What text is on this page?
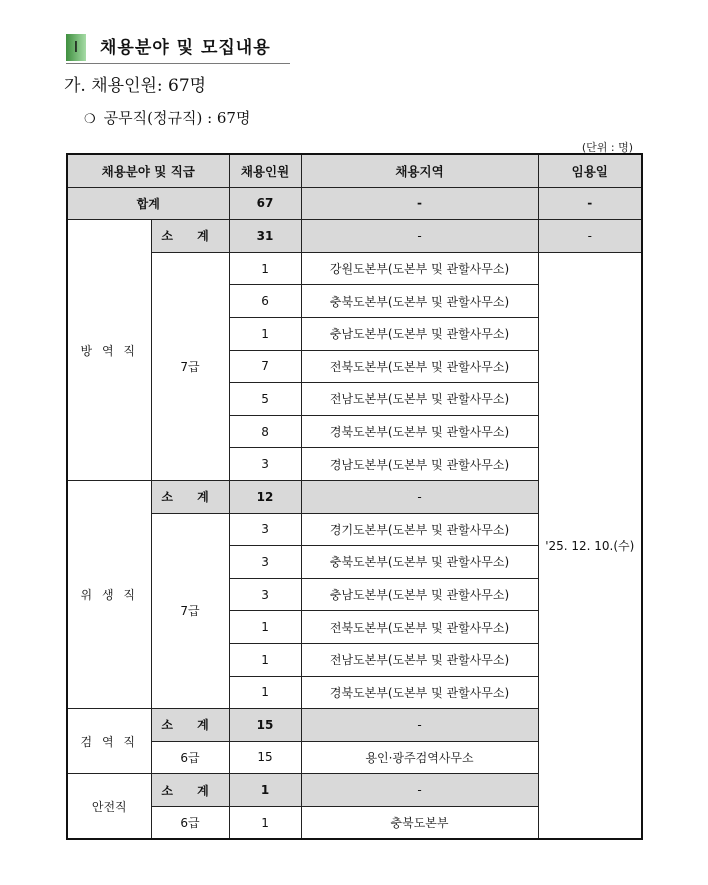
Ⅰ	채용분야 및 모집내용
가. 채용인원: 67명
❍ 공무직(정규직) : 67명
(단위 : 명)
채용분야 및 직급		채용인원	채용지역	임용일
합계		67	-	-
방 역 직	소 계	31	-	-
	7급	1	강원도본부(도본부 및 관할사무소)	'25. 12. 10.(수)
		6	충북도본부(도본부 및 관할사무소)	
		1	충남도본부(도본부 및 관할사무소)	
		7	전북도본부(도본부 및 관할사무소)	
		5	전남도본부(도본부 및 관할사무소)	
		8	경북도본부(도본부 및 관할사무소)	
		3	경남도본부(도본부 및 관할사무소)	
위 생 직	소 계	12	-	
	7급	3	경기도본부(도본부 및 관할사무소)	
		3	충북도본부(도본부 및 관할사무소)	
		3	충남도본부(도본부 및 관할사무소)	
		1	전북도본부(도본부 및 관할사무소)	
		1	전남도본부(도본부 및 관할사무소)	
		1	경북도본부(도본부 및 관할사무소)	
검 역 직	소 계	15	-	
	6급	15	용인·광주검역사무소	
안전직	소 계	1	-	
	6급	1	충북도본부	
